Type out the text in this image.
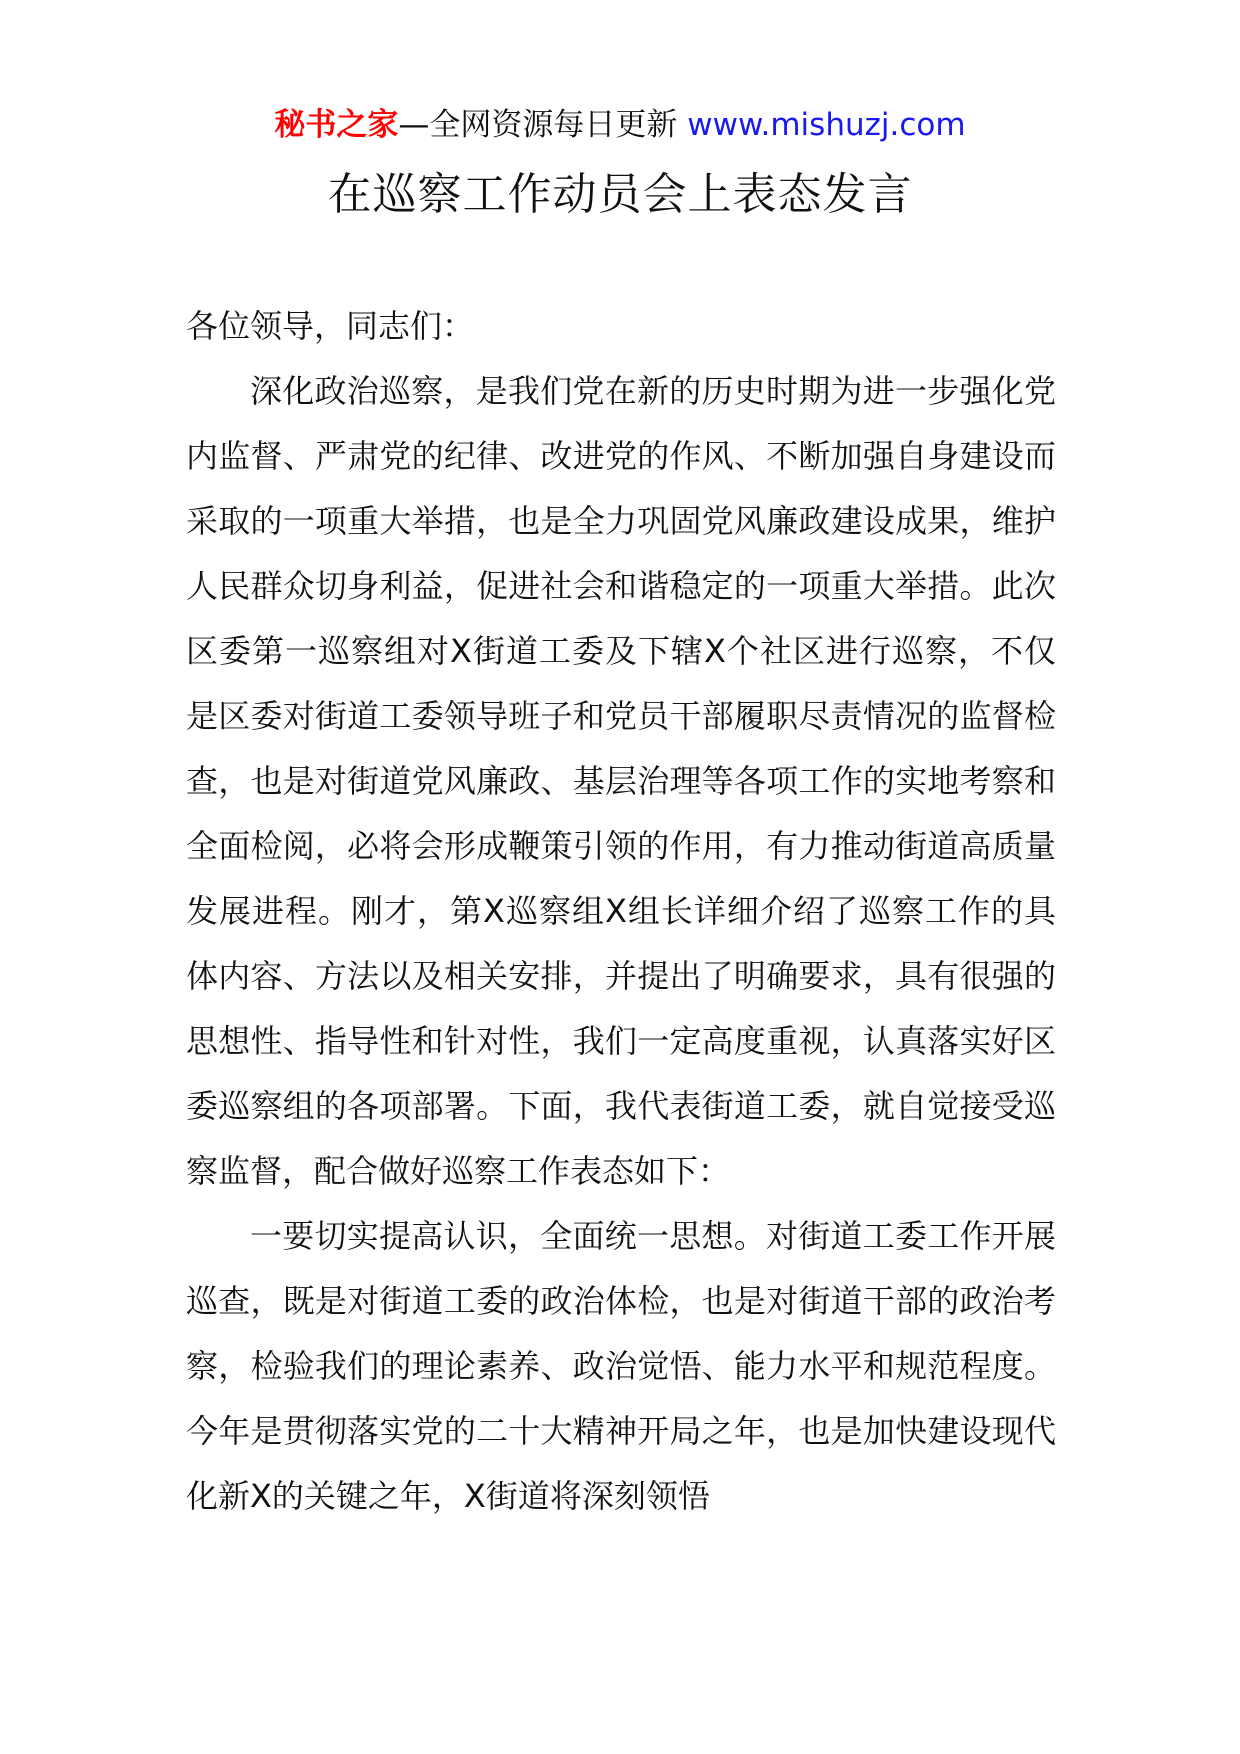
秘书之家—全网资源每日更新 www.mishuzj.com
在巡察工作动员会上表态发言

各位领导，同志们：

深化政治巡察，是我们党在新的历史时期为进一步强化党内监督、严肃党的纪律、改进党的作风、不断加强自身建设而采取的一项重大举措，也是全力巩固党风廉政建设成果，维护人民群众切身利益，促进社会和谐稳定的一项重大举措。此次区委第一巡察组对X街道工委及下辖X个社区进行巡察，不仅是区委对街道工委领导班子和党员干部履职尽责情况的监督检查，也是对街道党风廉政、基层治理等各项工作的实地考察和全面检阅，必将会形成鞭策引领的作用，有力推动街道高质量发展进程。刚才，第X巡察组X组长详细介绍了巡察工作的具体内容、方法以及相关安排，并提出了明确要求，具有很强的思想性、指导性和针对性，我们一定高度重视，认真落实好区委巡察组的各项部署。下面，我代表街道工委，就自觉接受巡察监督，配合做好巡察工作表态如下：

一要切实提高认识，全面统一思想。对街道工委工作开展巡查，既是对街道工委的政治体检，也是对街道干部的政治考察，检验我们的理论素养、政治觉悟、能力水平和规范程度。今年是贯彻落实党的二十大精神开局之年，也是加快建设现代化新X的关键之年，X街道将深刻领悟
